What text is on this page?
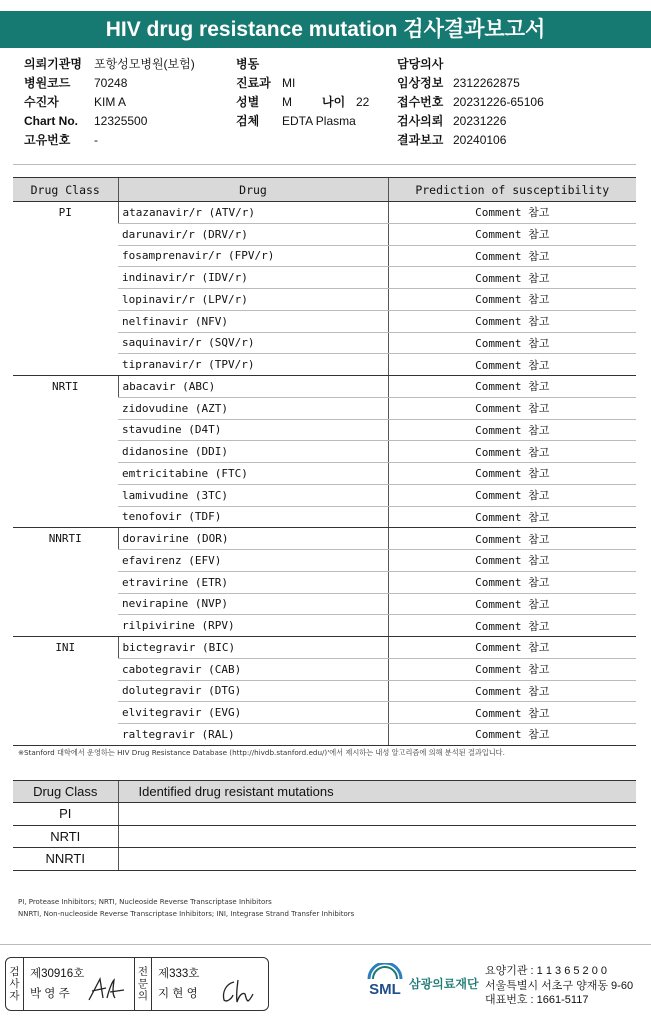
HIV drug resistance mutation 검사결과보고서
의뢰기관명	포항성모병원(보험)
병원코드	70248
수진자	KIM A
Chart No.	12325500
고유번호	-
병동
진료과 MI
성별	M	나이 22
검체	EDTA Plasma
담당의사
임상정보 2312262875
접수번호 20231226-65106
검사의뢰 20231226
결과보고 20240106
Drug Class	Drug	Prediction of susceptibility
PI	atazanavir/r (ATV/r)	Comment 참고
	darunavir/r (DRV/r)	Comment 참고
	fosamprenavir/r (FPV/r)	Comment 참고
	indinavir/r (IDV/r)	Comment 참고
	lopinavir/r (LPV/r)	Comment 참고
	nelfinavir (NFV)	Comment 참고
	saquinavir/r (SQV/r)	Comment 참고
	tipranavir/r (TPV/r)	Comment 참고
NRTI	abacavir (ABC)	Comment 참고
	zidovudine (AZT)	Comment 참고
	stavudine (D4T)	Comment 참고
	didanosine (DDI)	Comment 참고
	emtricitabine (FTC)	Comment 참고
	lamivudine (3TC)	Comment 참고
	tenofovir (TDF)	Comment 참고
NNRTI	doravirine (DOR)	Comment 참고
	efavirenz (EFV)	Comment 참고
	etravirine (ETR)	Comment 참고
	nevirapine (NVP)	Comment 참고
	rilpivirine (RPV)	Comment 참고
INI	bictegravir (BIC)	Comment 참고
	cabotegravir (CAB)	Comment 참고
	dolutegravir (DTG)	Comment 참고
	elvitegravir (EVG)	Comment 참고
	raltegravir (RAL)	Comment 참고
※Stanford 대학에서 운영하는 HIV Drug Resistance Database (http://hivdb.stanford.edu/)'에서 제시하는 내성 알고리즘에 의해 분석된 결과입니다.
Drug Class	Identified drug resistant mutations
PI	
NRTI	
NNRTI	
PI, Protease Inhibitors; NRTI, Nucleoside Reverse Transcriptase Inhibitors
NNRTI, Non-nucleoside Reverse Transcriptase Inhibitors; INI, Integrase Strand Transfer Inhibitors
검
사
자
제30916호
박 영 주
전
문
의
제333호
지 현 영	SML 삼광의료재단
요양기관 : 1 1 3 6 5 2 0 0
서울특별시 서초구 양재동 9-60
대표번호 : 1661-5117
